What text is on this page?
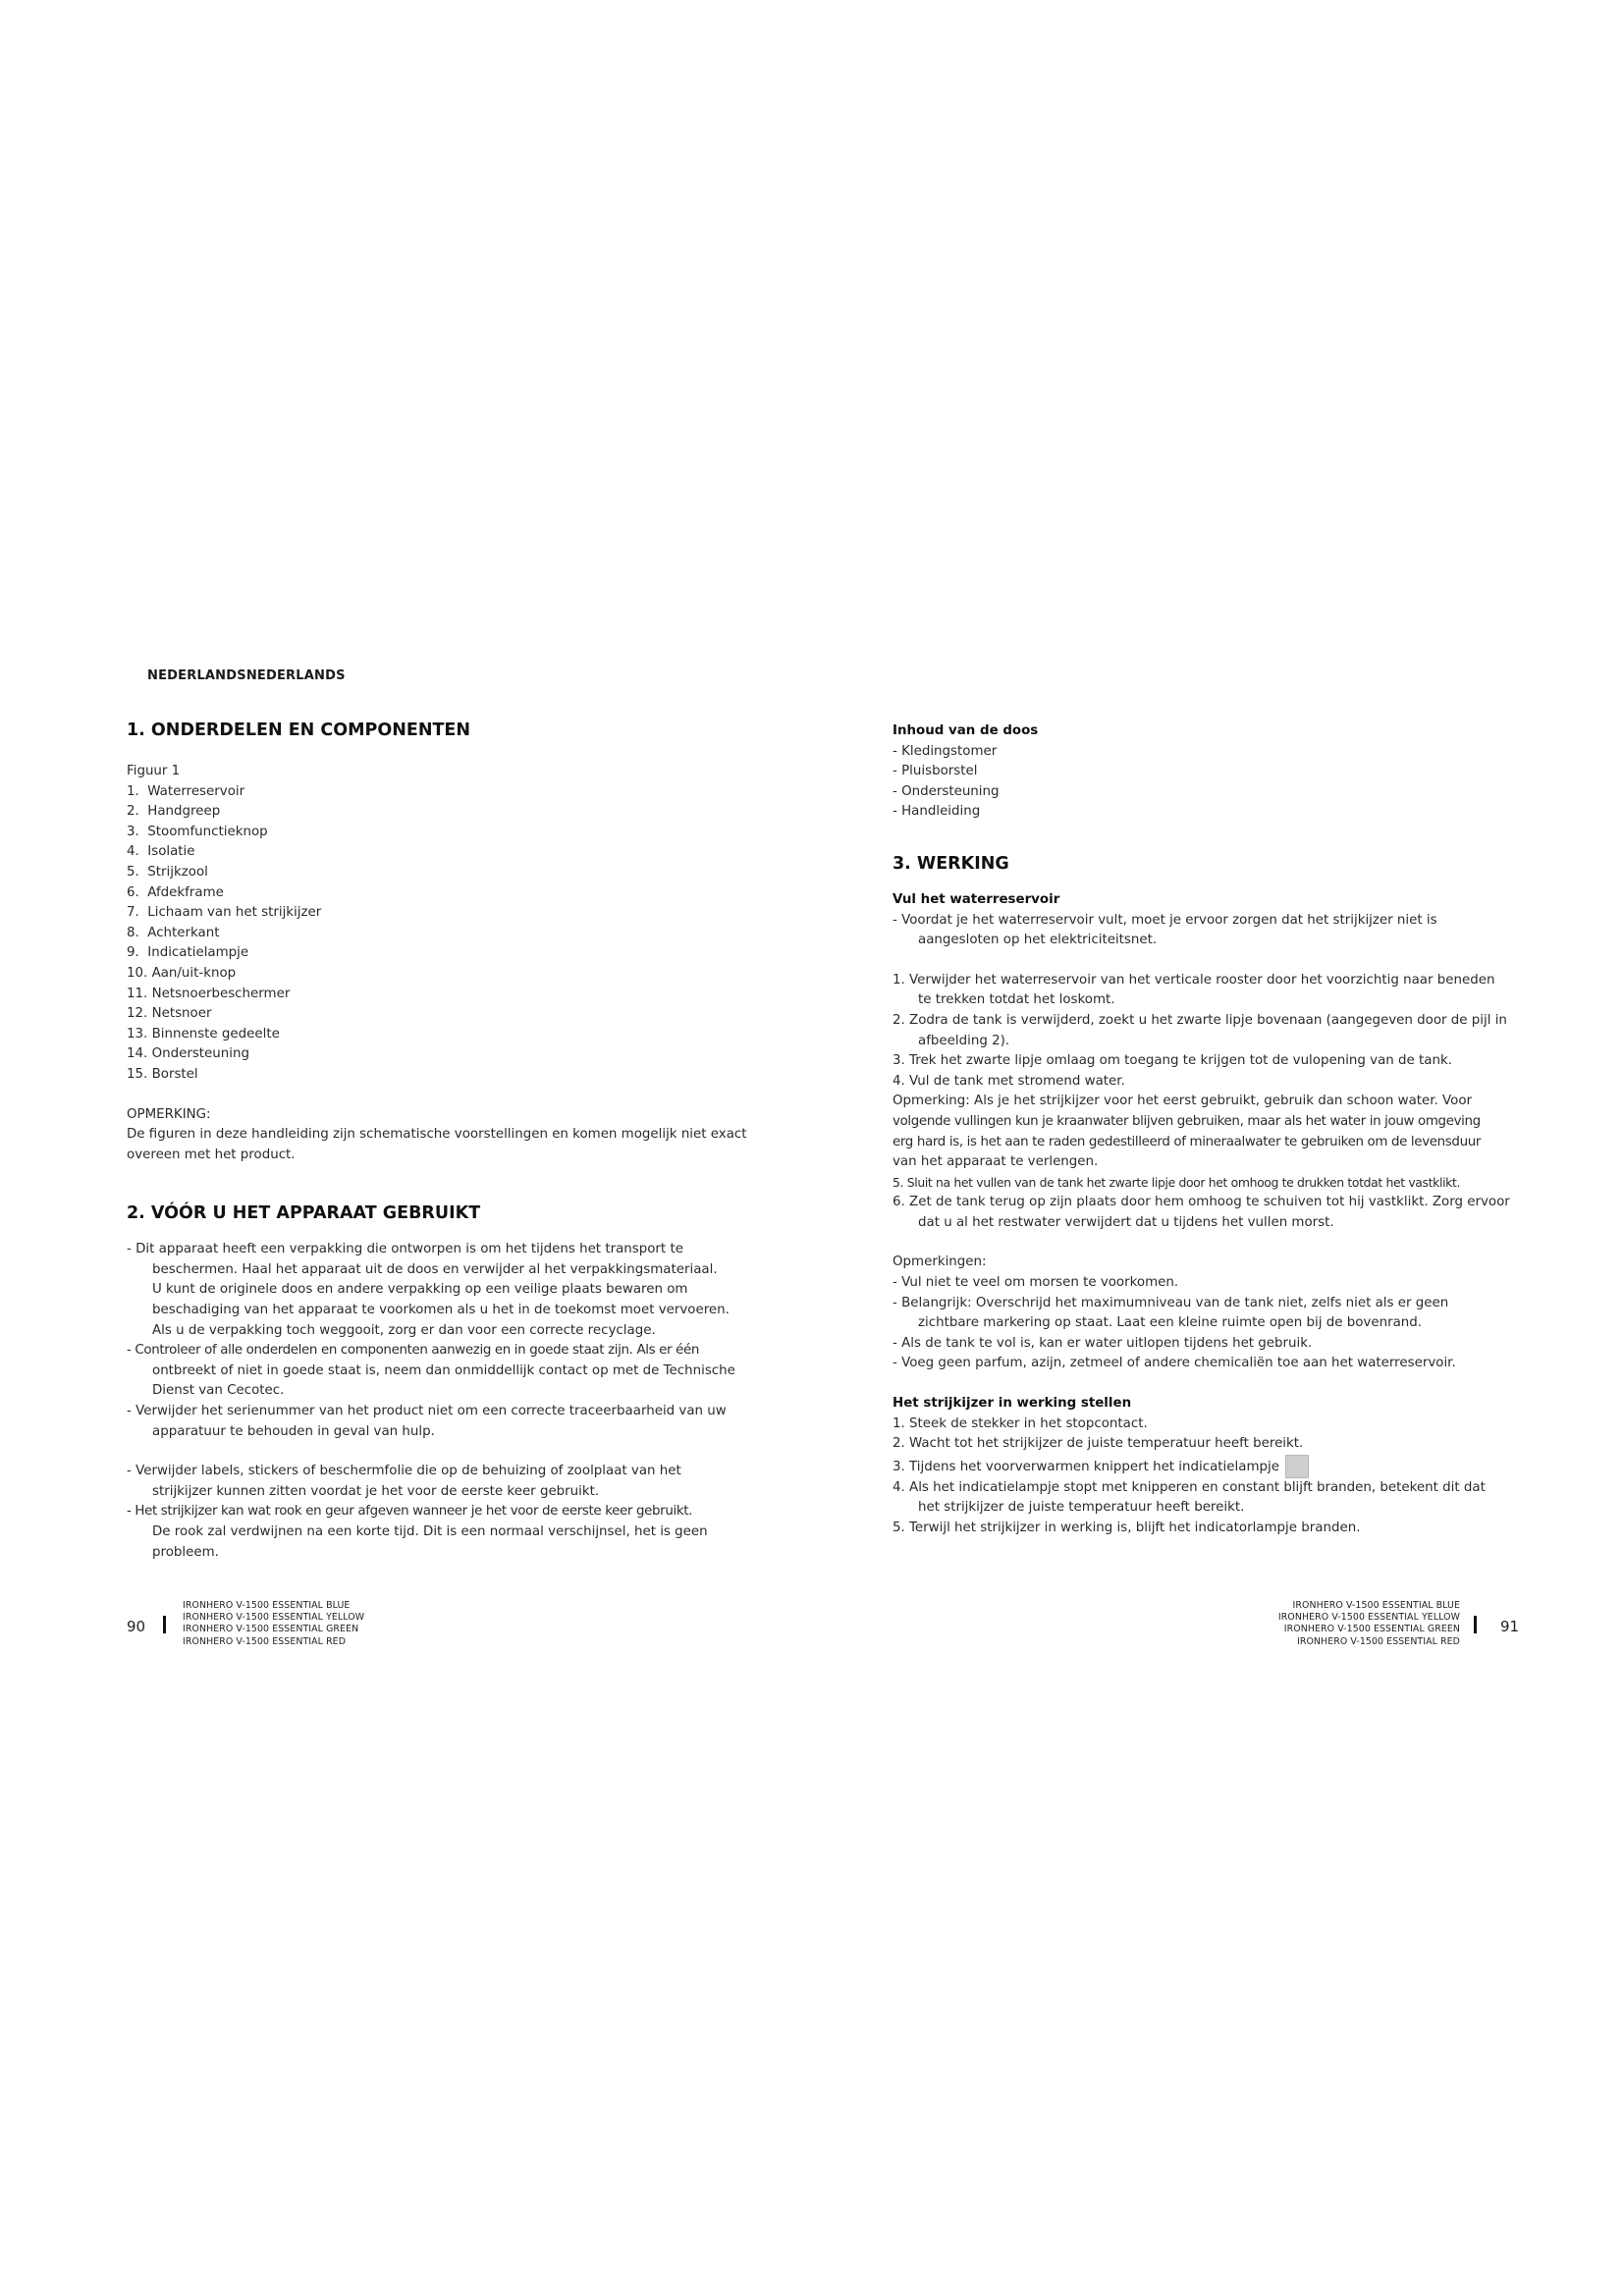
NEDERLANDSNEDERLANDS
1. ONDERDELEN EN COMPONENTEN
Figuur 1
1. Waterreservoir
2. Handgreep
3. Stoomfunctieknop
4. Isolatie
5. Strijkzool
6. Afdekframe
7. Lichaam van het strijkijzer
8. Achterkant
9. Indicatielampje
10. Aan/uit-knop
11. Netsnoerbeschermer
12. Netsnoer
13. Binnenste gedeelte
14. Ondersteuning
15. Borstel
OPMERKING:
De figuren in deze handleiding zijn schematische voorstellingen en komen mogelijk niet exact
overeen met het product.
2. VÓÓR U HET APPARAAT GEBRUIKT
- Dit apparaat heeft een verpakking die ontworpen is om het tijdens het transport te
beschermen. Haal het apparaat uit de doos en verwijder al het verpakkingsmateriaal.
U kunt de originele doos en andere verpakking op een veilige plaats bewaren om
beschadiging van het apparaat te voorkomen als u het in de toekomst moet vervoeren.
Als u de verpakking toch weggooit, zorg er dan voor een correcte recyclage.
- Controleer of alle onderdelen en componenten aanwezig en in goede staat zijn. Als er één
ontbreekt of niet in goede staat is, neem dan onmiddellijk contact op met de Technische
Dienst van Cecotec.
- Verwijder het serienummer van het product niet om een correcte traceerbaarheid van uw
apparatuur te behouden in geval van hulp.
- Verwijder labels, stickers of beschermfolie die op de behuizing of zoolplaat van het
strijkijzer kunnen zitten voordat je het voor de eerste keer gebruikt.
- Het strijkijzer kan wat rook en geur afgeven wanneer je het voor de eerste keer gebruikt.
De rook zal verdwijnen na een korte tijd. Dit is een normaal verschijnsel, het is geen
probleem.
90
IRONHERO V-1500 ESSENTIAL BLUE
IRONHERO V-1500 ESSENTIAL YELLOW
IRONHERO V-1500 ESSENTIAL GREEN
IRONHERO V-1500 ESSENTIAL RED
Inhoud van de doos
- Kledingstomer
- Pluisborstel
- Ondersteuning
- Handleiding
3. WERKING
Vul het waterreservoir
- Voordat je het waterreservoir vult, moet je ervoor zorgen dat het strijkijzer niet is
aangesloten op het elektriciteitsnet.
1. Verwijder het waterreservoir van het verticale rooster door het voorzichtig naar beneden
te trekken totdat het loskomt.
2. Zodra de tank is verwijderd, zoekt u het zwarte lipje bovenaan (aangegeven door de pijl in
afbeelding 2).
3. Trek het zwarte lipje omlaag om toegang te krijgen tot de vulopening van de tank.
4. Vul de tank met stromend water.
Opmerking: Als je het strijkijzer voor het eerst gebruikt, gebruik dan schoon water. Voor
volgende vullingen kun je kraanwater blijven gebruiken, maar als het water in jouw omgeving
erg hard is, is het aan te raden gedestilleerd of mineraalwater te gebruiken om de levensduur
van het apparaat te verlengen.
5. Sluit na het vullen van de tank het zwarte lipje door het omhoog te drukken totdat het vastklikt.
6. Zet de tank terug op zijn plaats door hem omhoog te schuiven tot hij vastklikt. Zorg ervoor
dat u al het restwater verwijdert dat u tijdens het vullen morst.
Opmerkingen:
- Vul niet te veel om morsen te voorkomen.
- Belangrijk: Overschrijd het maximumniveau van de tank niet, zelfs niet als er geen
zichtbare markering op staat. Laat een kleine ruimte open bij de bovenrand.
- Als de tank te vol is, kan er water uitlopen tijdens het gebruik.
- Voeg geen parfum, azijn, zetmeel of andere chemicaliën toe aan het waterreservoir.
Het strijkijzer in werking stellen
1. Steek de stekker in het stopcontact.
2. Wacht tot het strijkijzer de juiste temperatuur heeft bereikt.
3. Tijdens het voorverwarmen knippert het indicatielampje
4. Als het indicatielampje stopt met knipperen en constant blijft branden, betekent dit dat
het strijkijzer de juiste temperatuur heeft bereikt.
5. Terwijl het strijkijzer in werking is, blijft het indicatorlampje branden.
IRONHERO V-1500 ESSENTIAL BLUE
IRONHERO V-1500 ESSENTIAL YELLOW
IRONHERO V-1500 ESSENTIAL GREEN
IRONHERO V-1500 ESSENTIAL RED
91
